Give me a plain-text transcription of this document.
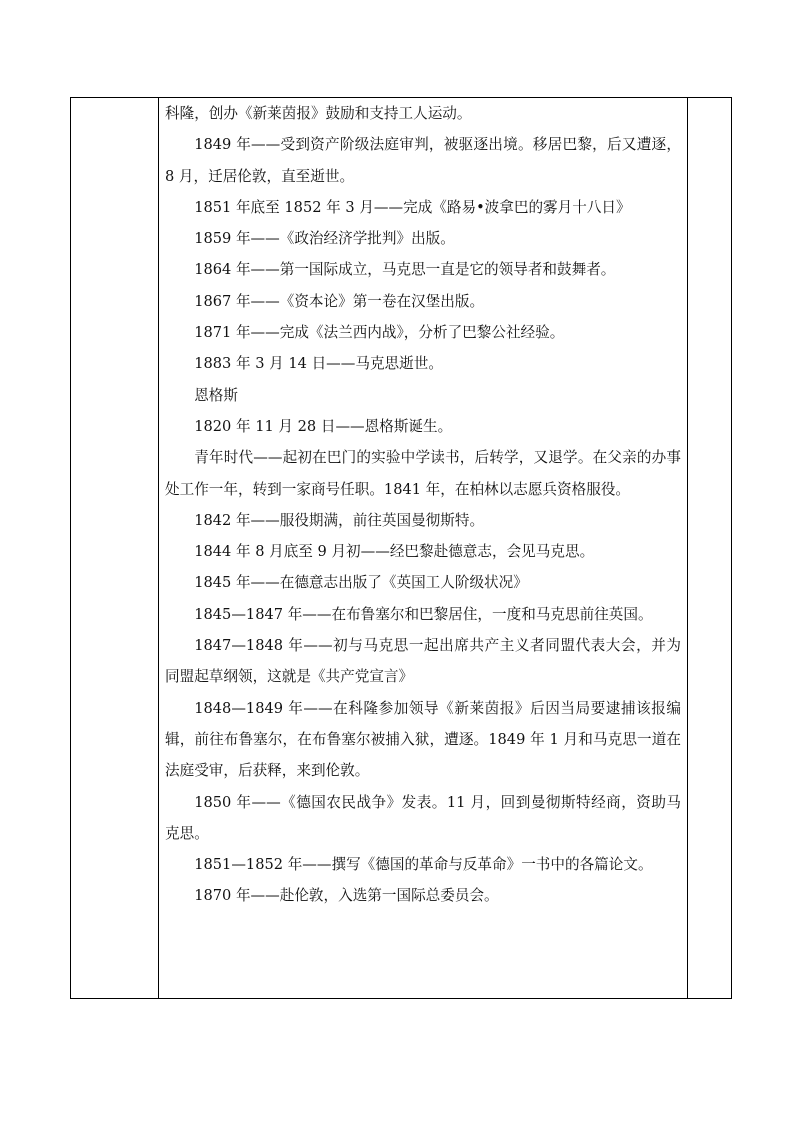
科隆，创办《新莱茵报》鼓励和支持工人运动。

1849 年——受到资产阶级法庭审判，被驱逐出境。移居巴黎，后又遭逐，8 月，迁居伦敦，直至逝世。

1851 年底至 1852 年 3 月——完成《路易•波拿巴的雾月十八日》

1859 年——《政治经济学批判》出版。

1864 年——第一国际成立，马克思一直是它的领导者和鼓舞者。

1867 年——《资本论》第一卷在汉堡出版。

1871 年——完成《法兰西内战》，分析了巴黎公社经验。

1883 年 3 月 14 日——马克思逝世。

恩格斯

1820 年 11 月 28 日——恩格斯诞生。

青年时代——起初在巴门的实验中学读书，后转学，又退学。在父亲的办事处工作一年，转到一家商号任职。1841 年，在柏林以志愿兵资格服役。

1842 年——服役期满，前往英国曼彻斯特。

1844 年 8 月底至 9 月初——经巴黎赴德意志，会见马克思。

1845 年——在德意志出版了《英国工人阶级状况》

1845—1847 年——在布鲁塞尔和巴黎居住，一度和马克思前往英国。

1847—1848 年——初与马克思一起出席共产主义者同盟代表大会，并为同盟起草纲领，这就是《共产党宣言》

1848—1849 年——在科隆参加领导《新莱茵报》后因当局要逮捕该报编辑，前往布鲁塞尔，在布鲁塞尔被捕入狱，遭逐。1849 年 1 月和马克思一道在法庭受审，后获释，来到伦敦。

1850 年——《德国农民战争》发表。11 月，回到曼彻斯特经商，资助马克思。

1851—1852 年——撰写《德国的革命与反革命》一书中的各篇论文。

1870 年——赴伦敦，入选第一国际总委员会。
